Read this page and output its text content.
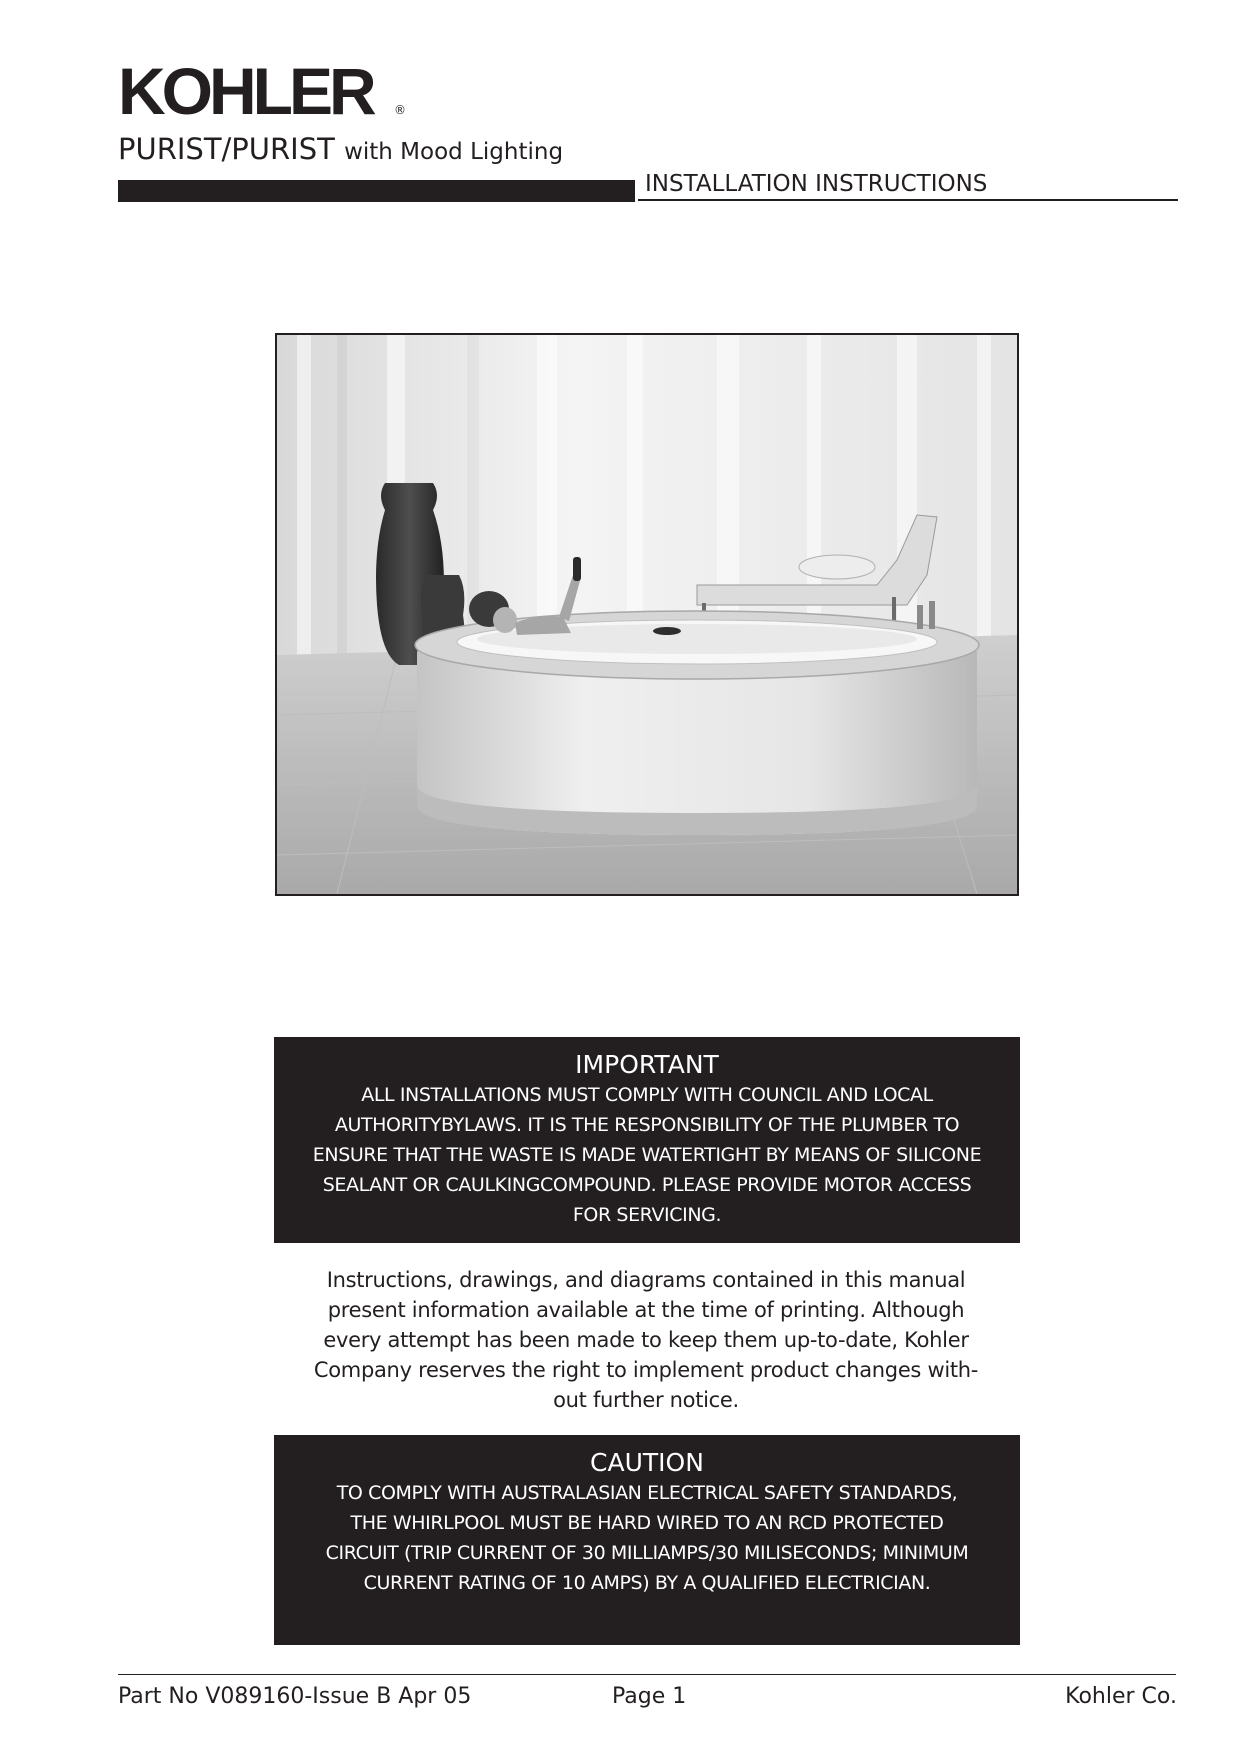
KOHLER ®
PURIST/PURIST with Mood Lighting
INSTALLATION INSTRUCTIONS
IMPORTANT
ALL INSTALLATIONS MUST COMPLY WITH COUNCIL AND LOCAL
AUTHORITYBYLAWS. IT IS THE RESPONSIBILITY OF THE PLUMBER TO
ENSURE THAT THE WASTE IS MADE WATERTIGHT BY MEANS OF SILICONE
SEALANT OR CAULKINGCOMPOUND. PLEASE PROVIDE MOTOR ACCESS
FOR SERVICING.
Instructions, drawings, and diagrams contained in this manual
present information available at the time of printing. Although
every attempt has been made to keep them up-to-date, Kohler
Company reserves the right to implement product changes with-
out further notice.
CAUTION
TO COMPLY WITH AUSTRALASIAN ELECTRICAL SAFETY STANDARDS,
THE WHIRLPOOL MUST BE HARD WIRED TO AN RCD PROTECTED
CIRCUIT (TRIP CURRENT OF 30 MILLIAMPS/30 MILISECONDS; MINIMUM
CURRENT RATING OF 10 AMPS) BY A QUALIFIED ELECTRICIAN.
Part No V089160-Issue B Apr 05	Page 1	Kohler Co.
